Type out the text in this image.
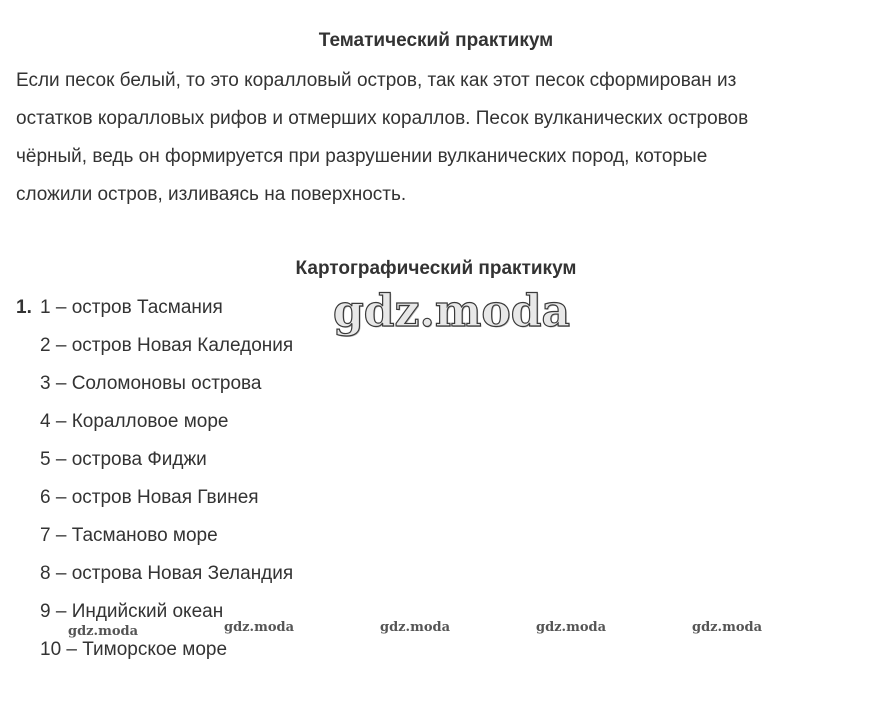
Тематический практикум

Если песок белый, то это коралловый остров, так как этот песок сформирован из
остатков коралловых рифов и отмерших кораллов. Песок вулканических островов
чёрный, ведь он формируется при разрушении вулканических пород, которые
сложили остров, изливаясь на поверхность.

Картографический практикум
1. 1 – остров Тасмания
2 – остров Новая Каледония
3 – Соломоновы острова
4 – Коралловое море
5 – острова Фиджи
6 – остров Новая Гвинея
7 – Тасманово море
8 – острова Новая Зеландия
9 – Индийский океан
10 – Тиморское море
gdz.moda
gdz.moda	gdz.moda	gdz.moda	gdz.moda	gdz.moda
